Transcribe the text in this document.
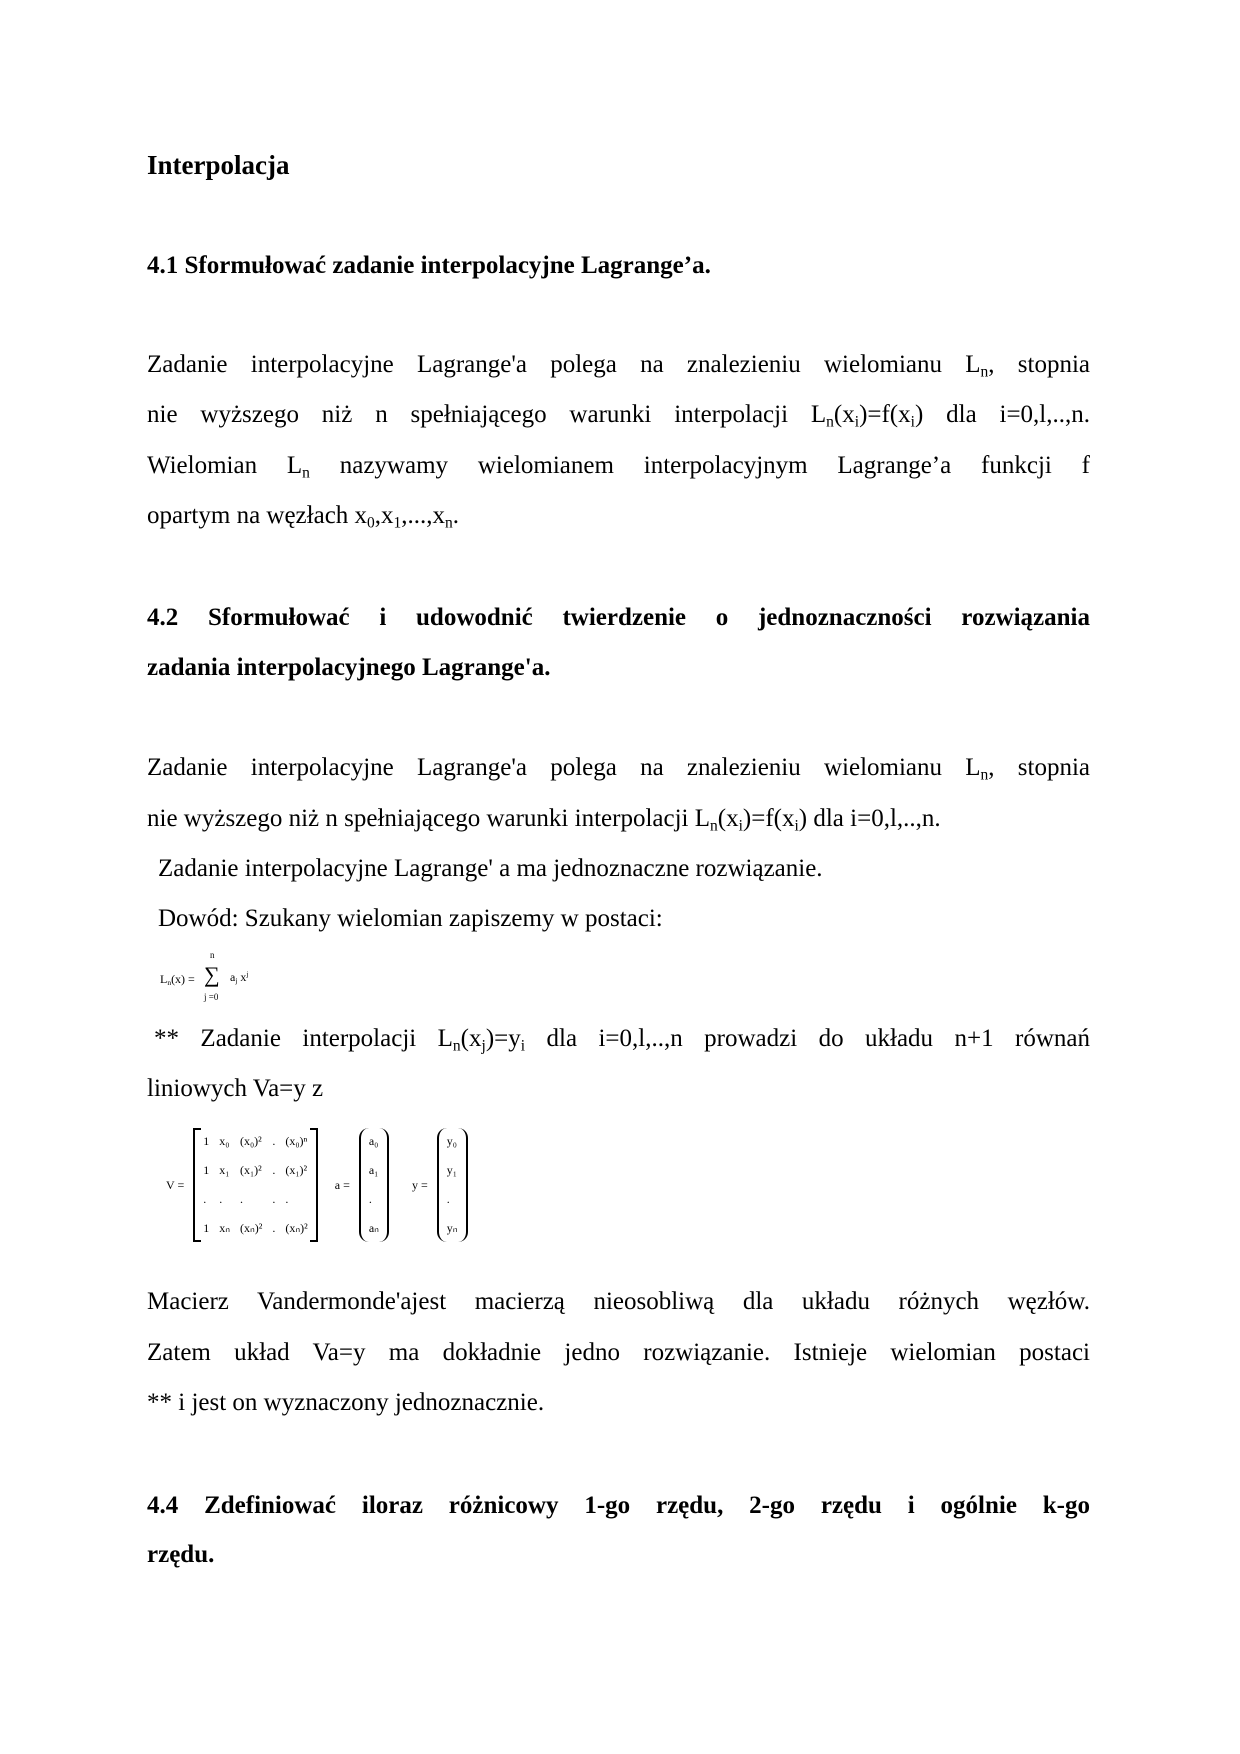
Interpolacja
4.1 Sformułować zadanie interpolacyjne Lagrange’a.
Zadanie interpolacyjne Lagrange'a polega na znalezieniu wielomianu $L_n$, stopnia
nie wyższego niż n spełniającego warunki interpolacji $L_n(x_i)=f(x_i)$ dla i=0,l,..,n.
Wielomian $L_n$ nazywamy wielomianem interpolacyjnym Lagrange’a funkcji f
opartym na węzłach $x_0,x_1,...,x_n$.
4.2 Sformułować i udowodnić twierdzenie o jednoznaczności rozwiązania
zadania interpolacyjnego Lagrange'a.
Zadanie interpolacyjne Lagrange'a polega na znalezieniu wielomianu $L_n$, stopnia
nie wyższego niż n spełniającego warunki interpolacji $L_n(x_i)=f(x_i)$ dla i=0,l,..,n.
Zadanie interpolacyjne Lagrange' a ma jednoznaczne rozwiązanie.
Dowód: Szukany wielomian zapiszemy w postaci:
** Zadanie interpolacji $L_n(x_j)=y_i$ dla i=0,l,..,n prowadzi do układu n+1 równań
liniowych Va=y z
Macierz Vandermonde'ajest macierzą nieosobliwą dla układu różnych węzłów.
Zatem układ Va=y ma dokładnie jedno rozwiązanie. Istnieje wielomian postaci
** i jest on wyznaczony jednoznacznie.
4.4 Zdefiniować iloraz różnicowy 1-go rzędu, 2-go rzędu i ogólnie k-go
rzędu.
$L_n(x)$ =
n
∑
j =0
$a_j$ $x^j$
V =
1 x₀ (x₀)² . (x₀)ⁿ
1 x₁ (x₁)² . (x₁)²
. .	.	. .
1 xₙ (xₙ)² . (xₙ)²
a =
a₀
a₁
.
aₙ
y =
y₀
y₁
.
yₙ
